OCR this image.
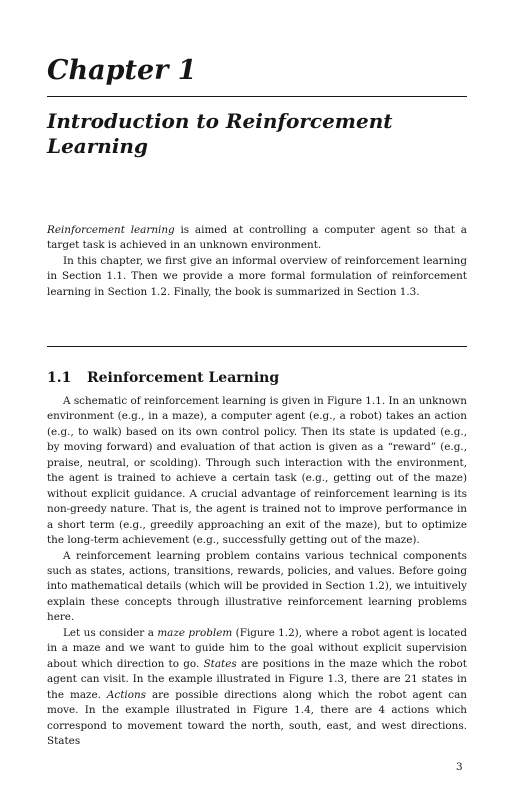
Chapter 1
Introduction to Reinforcement Learning

Reinforcement learning is aimed at controlling a computer agent so that a target task is achieved in an unknown environment.

In this chapter, we first give an informal overview of reinforcement learning in Section 1.1. Then we provide a more formal formulation of reinforcement learning in Section 1.2. Finally, the book is summarized in Section 1.3.

1.1 Reinforcement Learning

A schematic of reinforcement learning is given in Figure 1.1. In an unknown environment (e.g., in a maze), a computer agent (e.g., a robot) takes an action (e.g., to walk) based on its own control policy. Then its state is updated (e.g., by moving forward) and evaluation of that action is given as a “reward” (e.g., praise, neutral, or scolding). Through such interaction with the environment, the agent is trained to achieve a certain task (e.g., getting out of the maze) without explicit guidance. A crucial advantage of reinforcement learning is its non-greedy nature. That is, the agent is trained not to improve performance in a short term (e.g., greedily approaching an exit of the maze), but to optimize the long-term achievement (e.g., successfully getting out of the maze).

A reinforcement learning problem contains various technical components such as states, actions, transitions, rewards, policies, and values. Before going into mathematical details (which will be provided in Section 1.2), we intuitively explain these concepts through illustrative reinforcement learning problems here.

Let us consider a maze problem (Figure 1.2), where a robot agent is located in a maze and we want to guide him to the goal without explicit supervision about which direction to go. States are positions in the maze which the robot agent can visit. In the example illustrated in Figure 1.3, there are 21 states in the maze. Actions are possible directions along which the robot agent can move. In the example illustrated in Figure 1.4, there are 4 actions which correspond to movement toward the north, south, east, and west directions. States

3
